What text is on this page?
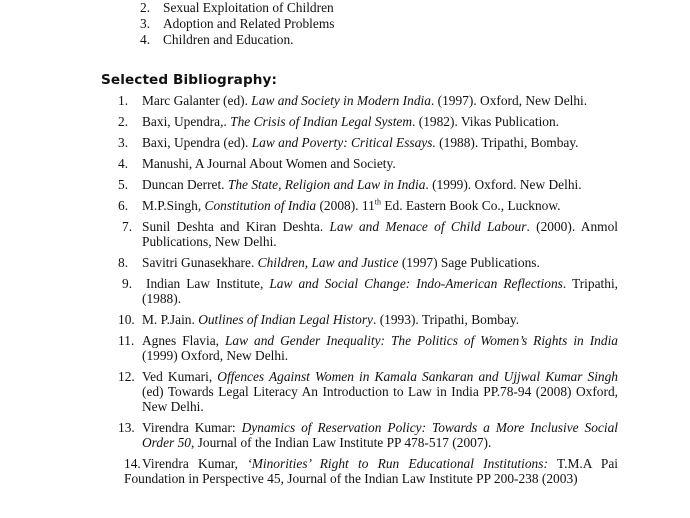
2. Sexual Exploitation of Children
3. Adoption and Related Problems
4. Children and Education.
Selected Bibliography:
1.	Marc Galanter (ed). Law and Society in Modern India. (1997). Oxford, New Delhi.
2.	Baxi, Upendra,. The Crisis of Indian Legal System. (1982). Vikas Publication.
3.	Baxi, Upendra (ed). Law and Poverty: Critical Essays. (1988). Tripathi, Bombay.
4.	Manushi, A Journal About Women and Society.
5.	Duncan Derret. The State, Religion and Law in India. (1999). Oxford. New Delhi.
6.	M.P.Singh, Constitution of India (2008). 11th Ed. Eastern Book Co., Lucknow.
7. Sunil Deshta and Kiran Deshta. Law and Menace of Child Labour. (2000). Anmol Publications, New Delhi.
8.	Savitri Gunasekhare. Children, Law and Justice (1997) Sage Publications.
9.	Indian Law Institute, Law and Social Change: Indo-American Reflections. Tripathi, (1988).
10. M. P.Jain. Outlines of Indian Legal History. (1993). Tripathi, Bombay.
11. Agnes Flavia, Law and Gender Inequality: The Politics of Women’s Rights in India (1999) Oxford, New Delhi.
12. Ved Kumari, Offences Against Women in Kamala Sankaran and Ujjwal Kumar Singh (ed) Towards Legal Literacy An Introduction to Law in India PP.78-94 (2008) Oxford, New Delhi.
13. Virendra Kumar: Dynamics of Reservation Policy: Towards a More Inclusive Social Order 50, Journal of the Indian Law Institute PP 478-517 (2007).
14. Virendra Kumar, ‘Minorities’ Right to Run Educational Institutions: T.M.A Pai Foundation in Perspective 45, Journal of the Indian Law Institute PP 200-238 (2003)
